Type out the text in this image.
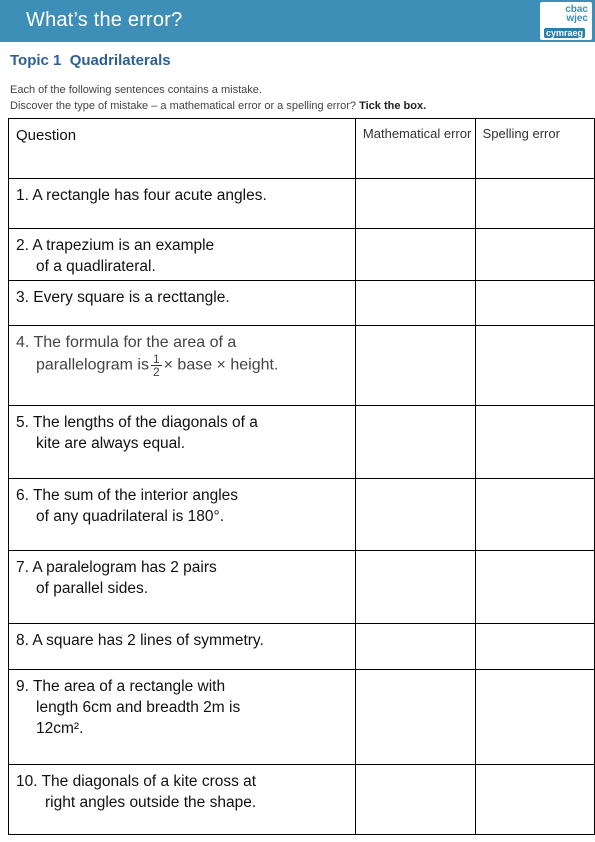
What’s the error?	cbac
wjec
cymraeg
Topic 1  Quadrilaterals
Each of the following sentences contains a mistake.
Discover the type of mistake – a mathematical error or a spelling error? Tick the box.
Question	Mathematical error	Spelling error
1. A rectangle has four acute angles.		
2. A trapezium is an example
of a quadlirateral.		

3. Every square is a recttangle.		
4. The formula for the area of a
parallelogram is $\frac{1}{2}$ × base × height.		

5. The lengths of the diagonals of a
kite are always equal.		

6. The sum of the interior angles
of any quadrilateral is 180°.		

7. A paralelogram has 2 pairs
of parallel sides.		

8. A square has 2 lines of symmetry.		
9. The area of a rectangle with
length 6cm and breadth 2m is
12cm².		

10. The diagonals of a kite cross at
right angles outside the shape.		
